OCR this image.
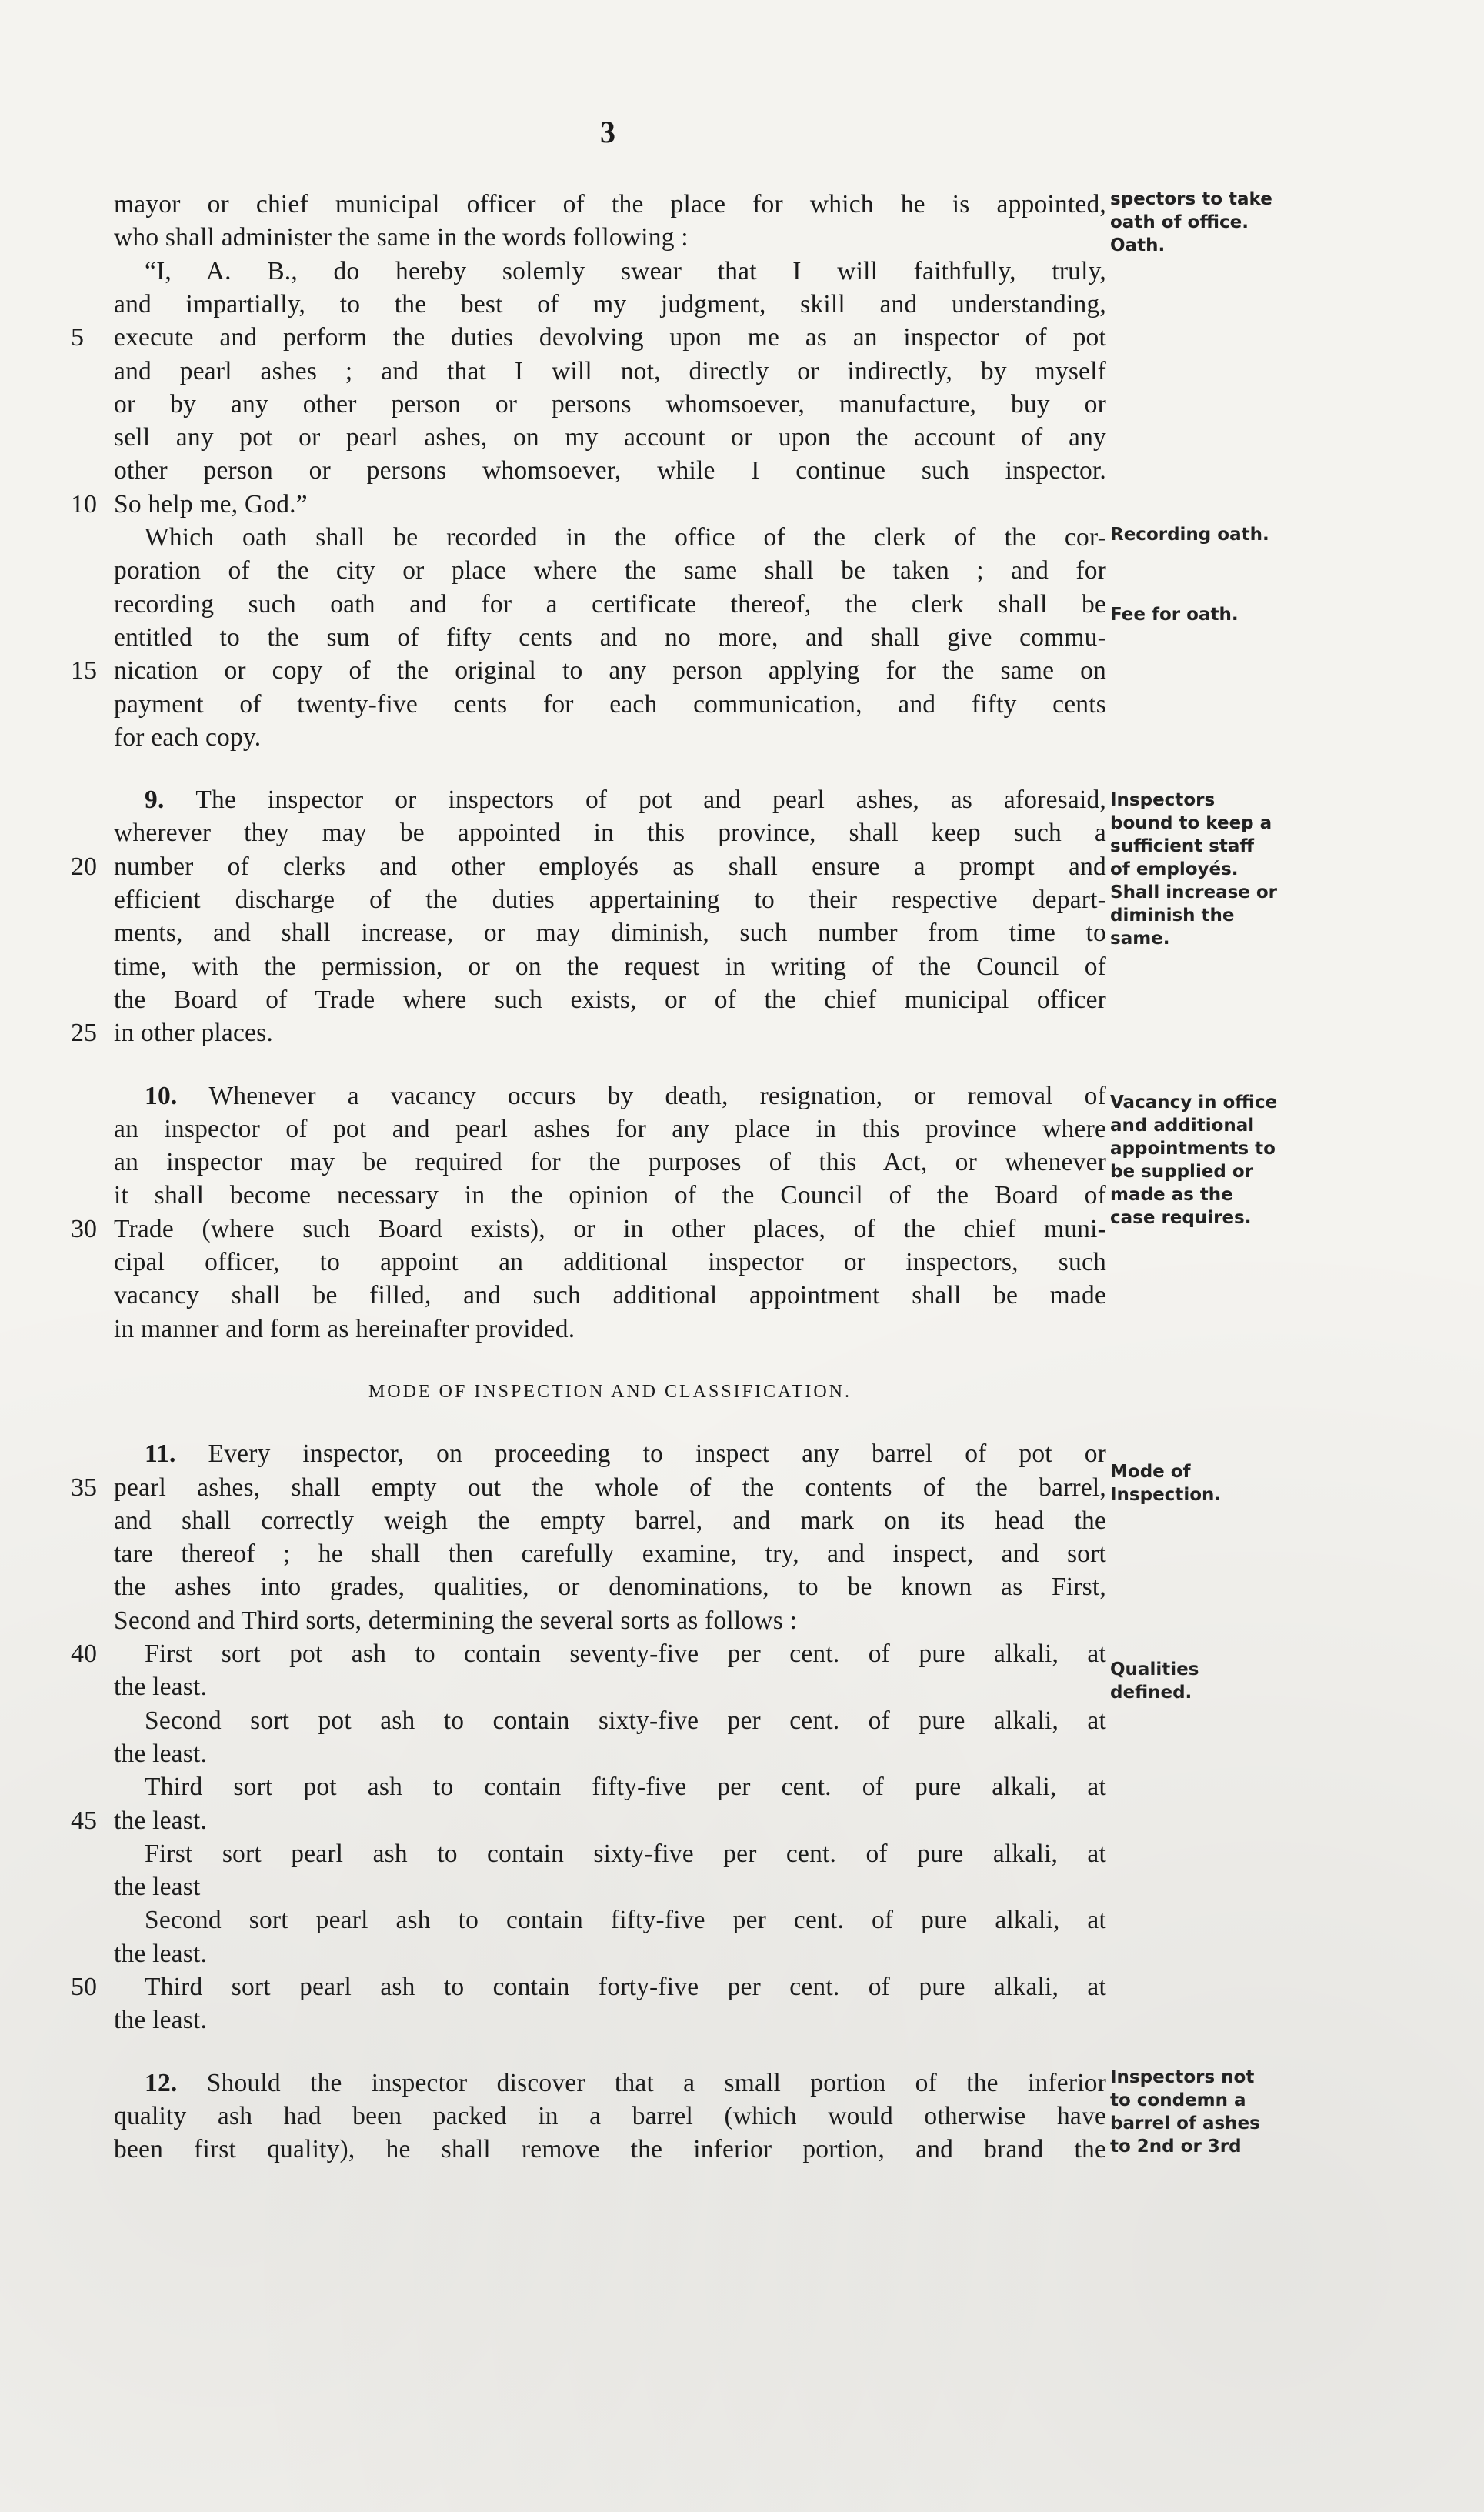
3
mayor or chief municipal officer of the place for which he is appointed,
who shall administer the same in the words following :
“I, A. B., do hereby solemly swear that I will faithfully, truly,
and impartially, to the best of my judgment, skill and understanding,
execute and perform the duties devolving upon me as an inspector of pot
5
and pearl ashes ; and that I will not, directly or indirectly, by myself
or by any other person or persons whomsoever, manufacture, buy or
sell any pot or pearl ashes, on my account or upon the account of any
other person or persons whomsoever, while I continue such inspector.
So help me, God.”
10
Which oath shall be recorded in the office of the clerk of the cor-
poration of the city or place where the same shall be taken ; and for
recording such oath and for a certificate thereof, the clerk shall be
entitled to the sum of fifty cents and no more, and shall give commu-
nication or copy of the original to any person applying for the same on
15
payment of twenty-five cents for each communication, and fifty cents
for each copy.
9. The inspector or inspectors of pot and pearl ashes, as aforesaid,
wherever they may be appointed in this province, shall keep such a
number of clerks and other employés as shall ensure a prompt and
20
efficient discharge of the duties appertaining to their respective depart-
ments, and shall increase, or may diminish, such number from time to
time, with the permission, or on the request in writing of the Council of
the Board of Trade where such exists, or of the chief municipal officer
in other places.
25
10. Whenever a vacancy occurs by death, resignation, or removal of
an inspector of pot and pearl ashes for any place in this province where
an inspector may be required for the purposes of this Act, or whenever
it shall become necessary in the opinion of the Council of the Board of
Trade (where such Board exists), or in other places, of the chief muni-
30
cipal officer, to appoint an additional inspector or inspectors, such
vacancy shall be filled, and such additional appointment shall be made
in manner and form as hereinafter provided.
MODE OF INSPECTION AND CLASSIFICATION.
11. Every inspector, on proceeding to inspect any barrel of pot or
pearl ashes, shall empty out the whole of the contents of the barrel,
35
and shall correctly weigh the empty barrel, and mark on its head the
tare thereof ; he shall then carefully examine, try, and inspect, and sort
the ashes into grades, qualities, or denominations, to be known as First,
Second and Third sorts, determining the several sorts as follows :
First sort pot ash to contain seventy-five per cent. of pure alkali, at
40
the least.
Second sort pot ash to contain sixty-five per cent. of pure alkali, at
the least.
Third sort pot ash to contain fifty-five per cent. of pure alkali, at
the least.
45
First sort pearl ash to contain sixty-five per cent. of pure alkali, at
the least
Second sort pearl ash to contain fifty-five per cent. of pure alkali, at
the least.
Third sort pearl ash to contain forty-five per cent. of pure alkali, at
50
the least.
12. Should the inspector discover that a small portion of the inferior
quality ash had been packed in a barrel (which would otherwise have
been first quality), he shall remove the inferior portion, and brand the
spectors to take oath of office. Oath.
Recording oath.
Fee for oath.
Inspectors bound to keep a sufficient staff of employés. Shall increase or diminish the same.
Vacancy in office and additional appointments to be supplied or made as the case requires.
Mode of Inspection.
Qualities defined.
Inspectors not to condemn a barrel of ashes to 2nd or 3rd
